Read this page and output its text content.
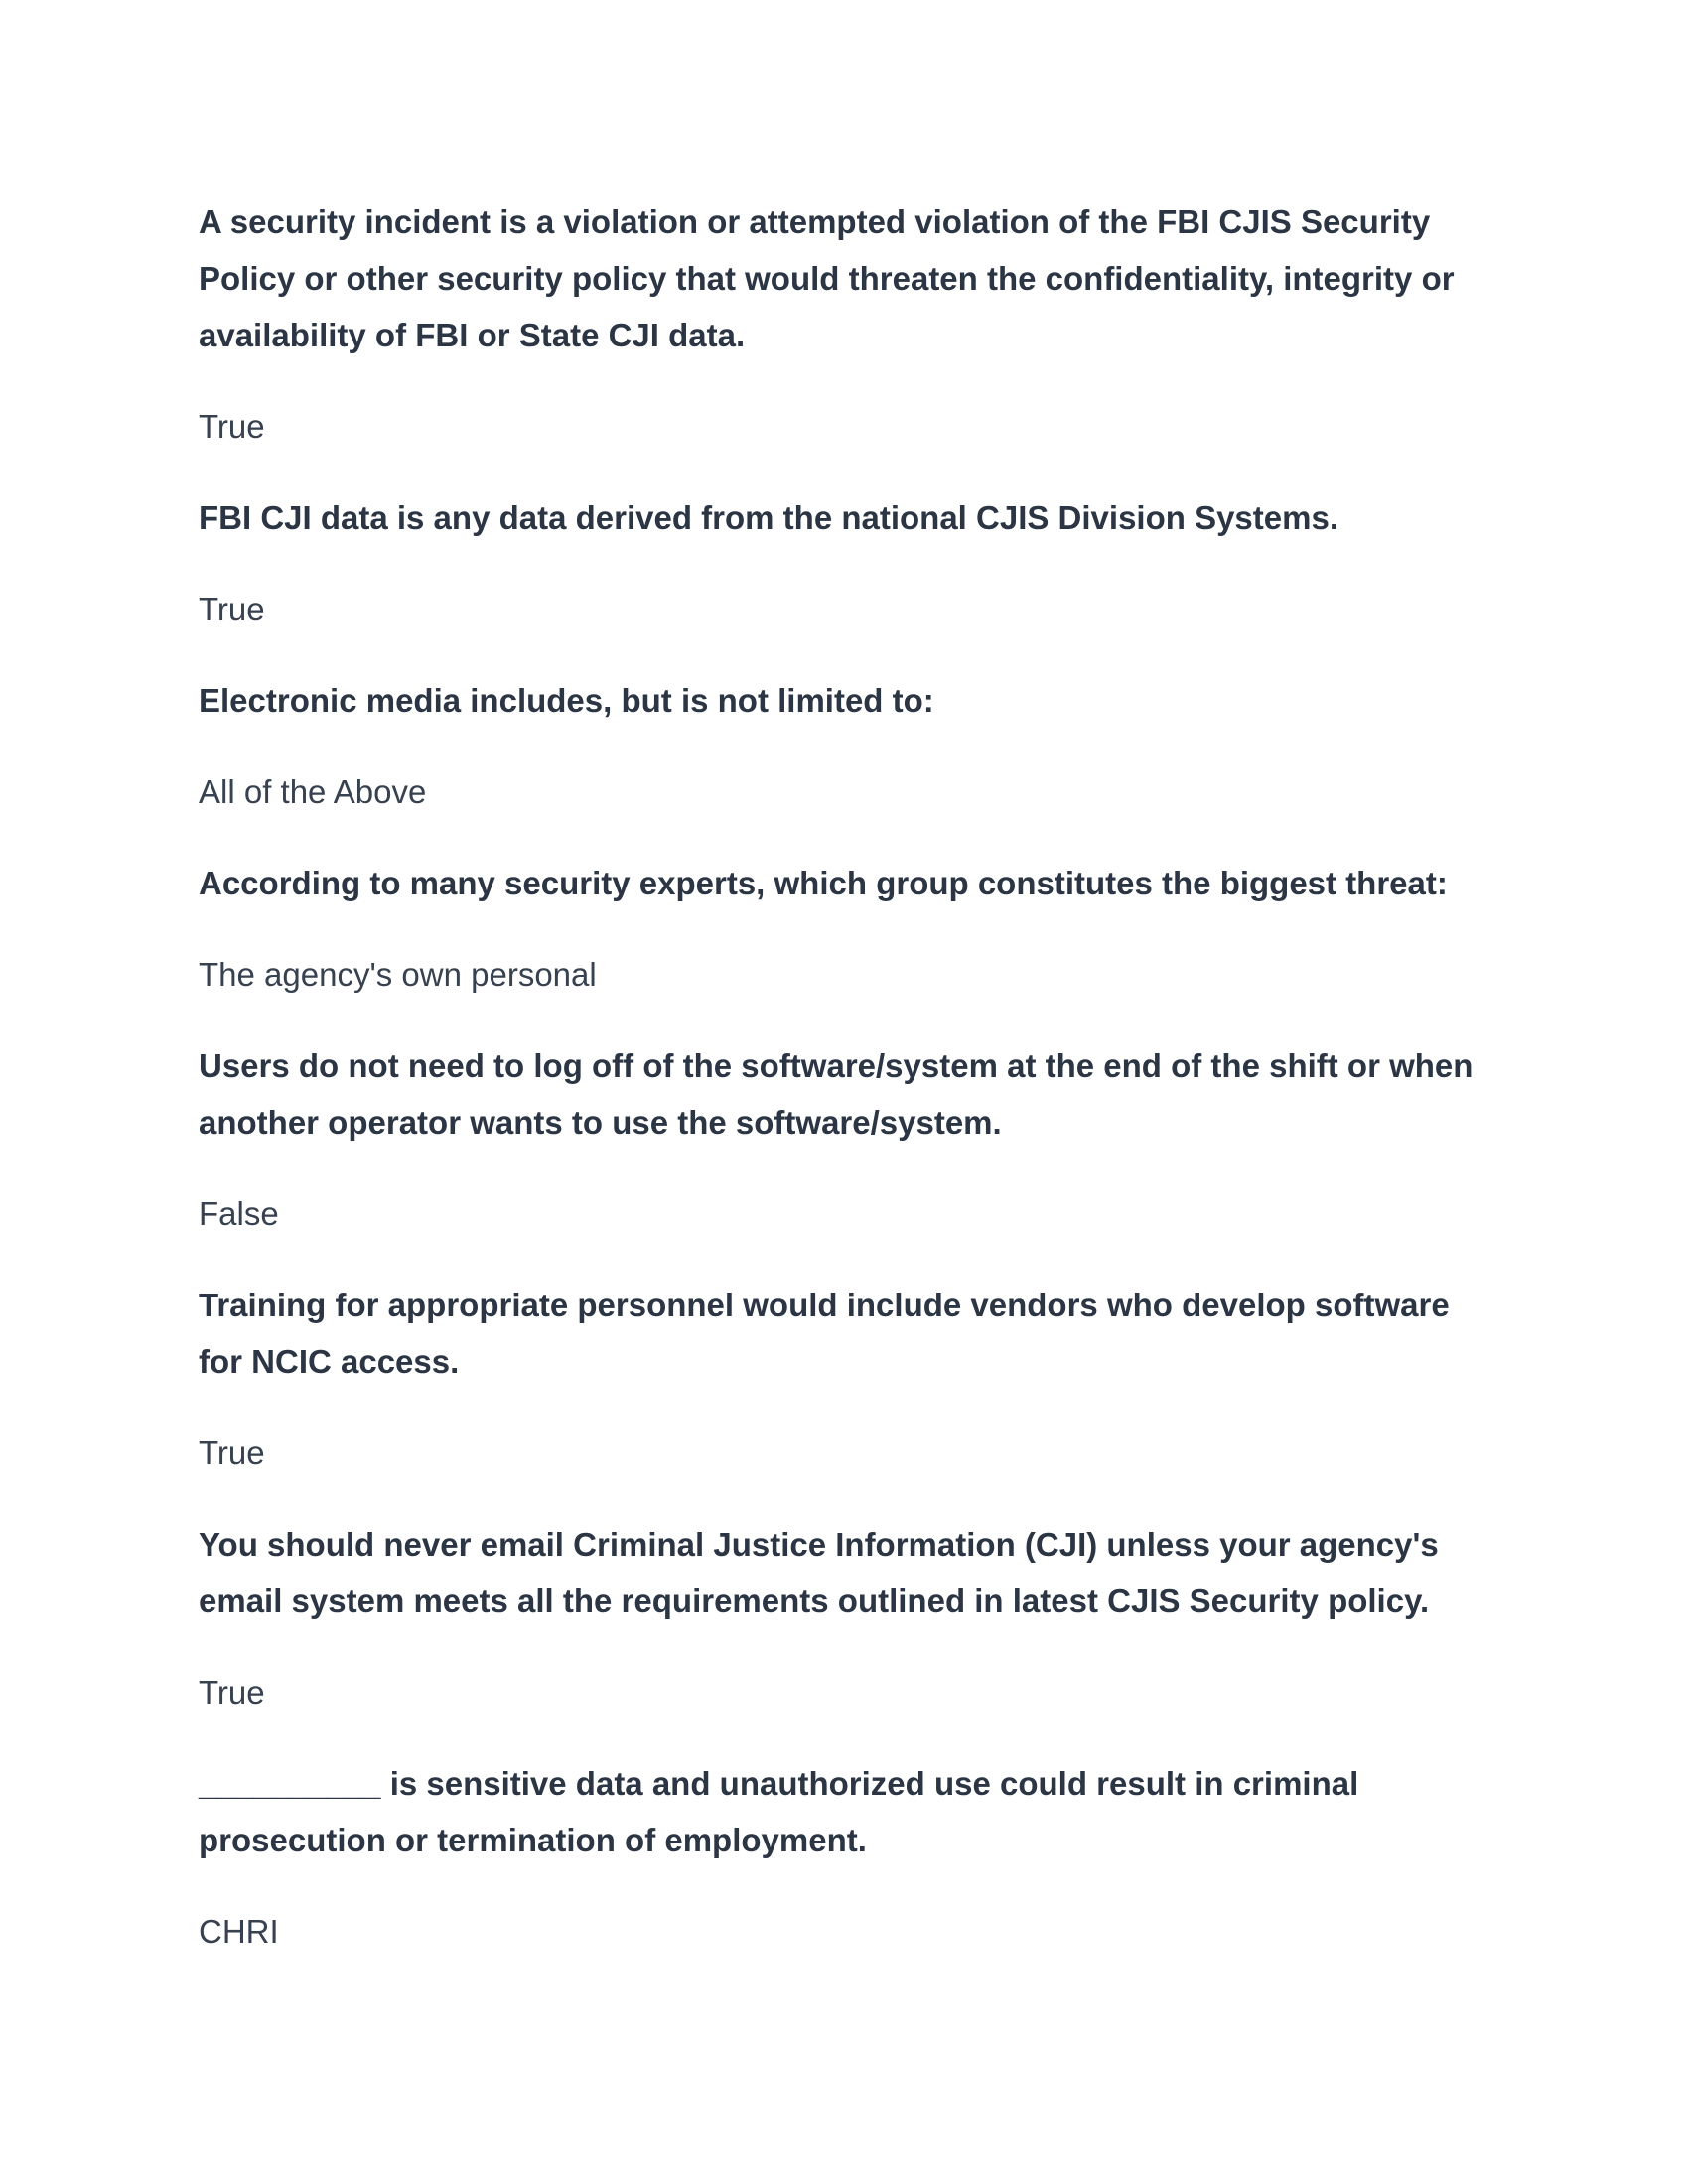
A security incident is a violation or attempted violation of the FBI CJIS Security Policy or other security policy that would threaten the confidentiality, integrity or availability of FBI or State CJI data.

True

FBI CJI data is any data derived from the national CJIS Division Systems.

True

Electronic media includes, but is not limited to:

All of the Above

According to many security experts, which group constitutes the biggest threat:

The agency's own personal

Users do not need to log off of the software/system at the end of the shift or when another operator wants to use the software/system.

False

Training for appropriate personnel would include vendors who develop software for NCIC access.

True

You should never email Criminal Justice Information (CJI) unless your agency's email system meets all the requirements outlined in latest CJIS Security policy.

True

__________ is sensitive data and unauthorized use could result in criminal prosecution or termination of employment.

CHRI
